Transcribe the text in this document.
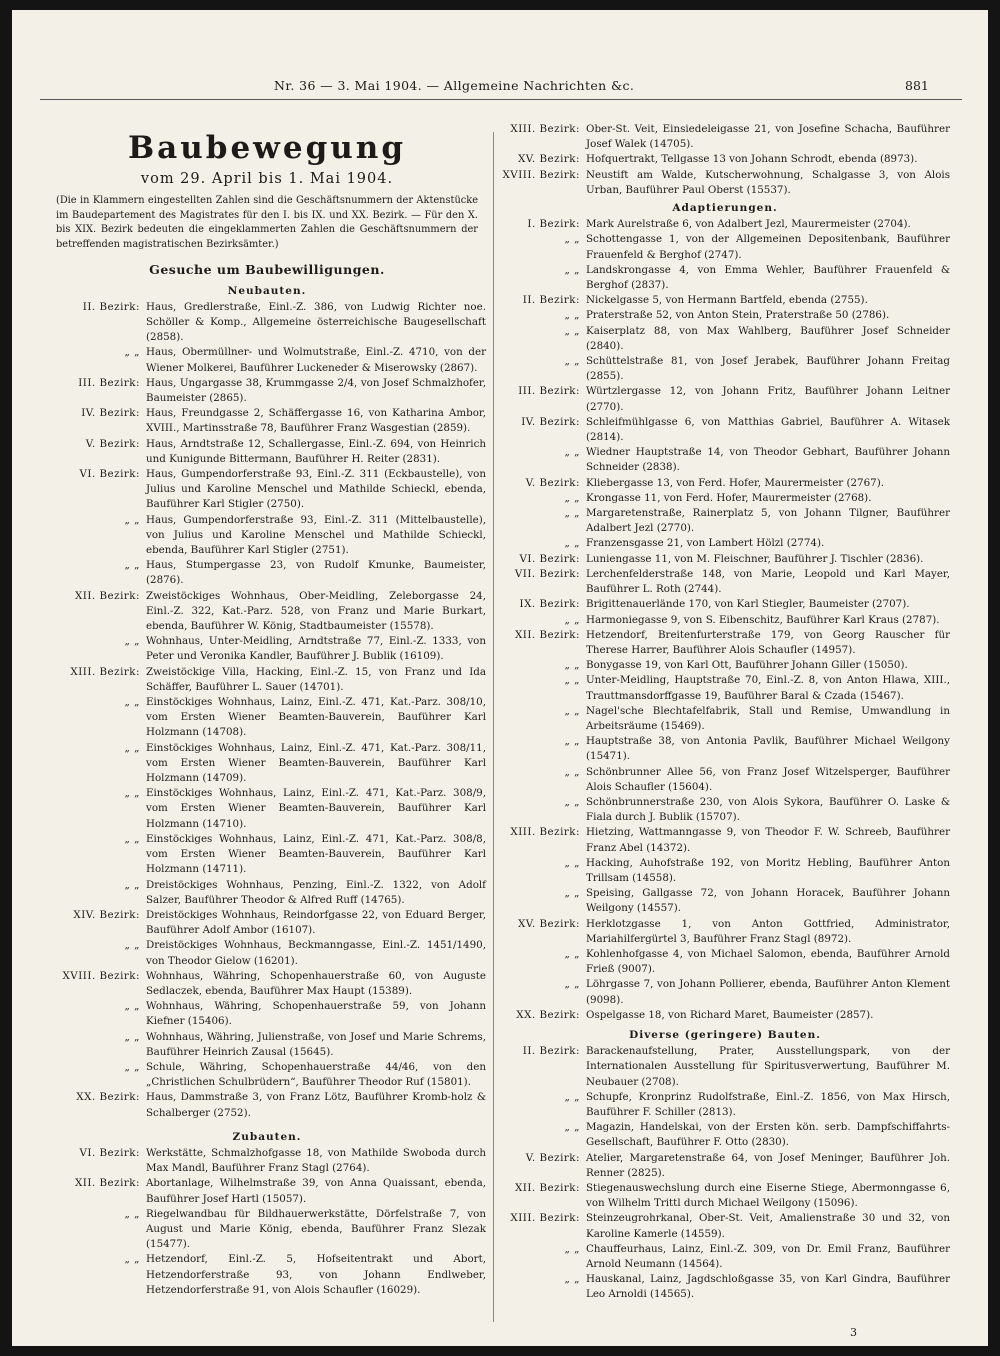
Nr. 36 — 3. Mai 1904. — Allgemeine Nachrichten &c.	881
Baubewegung
vom 29. April bis 1. Mai 1904.
(Die in Klammern eingestellten Zahlen sind die Geschäftsnummern der Aktenstücke im Baudepartement des Magistrates für den I. bis IX. und XX. Bezirk. — Für den X. bis XIX. Bezirk bedeuten die eingeklammerten Zahlen die Geschäftsnummern der betreffenden magistratischen Bezirksämter.)
Gesuche um Baubewilligungen.
Neubauten.
II. Bezirk: Haus, Gredlerstraße, Einl.-Z. 386, von Ludwig Richter noe. Schöller & Komp., Allgemeine österreichische Baugesellschaft (2858).
„ „ Haus, Obermüllner- und Wolmutstraße, Einl.-Z. 4710, von der Wiener Molkerei, Bauführer Luckeneder & Miserowsky (2867).
III. Bezirk: Haus, Ungargasse 38, Krummgasse 2/4, von Josef Schmalzhofer, Baumeister (2865).
IV. Bezirk: Haus, Freundgasse 2, Schäffergasse 16, von Katharina Ambor, XVIII., Martinsstraße 78, Bauführer Franz Wasgestian (2859).
V. Bezirk: Haus, Arndtstraße 12, Schallergasse, Einl.-Z. 694, von Heinrich und Kunigunde Bittermann, Bauführer H. Reiter (2831).
VI. Bezirk: Haus, Gumpendorferstraße 93, Einl.-Z. 311 (Eckbaustelle), von Julius und Karoline Menschel und Mathilde Schieckl, ebenda, Bauführer Karl Stigler (2750).
„ „ Haus, Gumpendorferstraße 93, Einl.-Z. 311 (Mittelbaustelle), von Julius und Karoline Menschel und Mathilde Schieckl, ebenda, Bauführer Karl Stigler (2751).
„ „ Haus, Stumpergasse 23, von Rudolf Kmunke, Baumeister, (2876).
XII. Bezirk: Zweistöckiges Wohnhaus, Ober-Meidling, Zeleborgasse 24, Einl.-Z. 322, Kat.-Parz. 528, von Franz und Marie Burkart, ebenda, Bauführer W. König, Stadtbaumeister (15578).
„ „ Wohnhaus, Unter-Meidling, Arndtstraße 77, Einl.-Z. 1333, von Peter und Veronika Kandler, Bauführer J. Bublik (16109).
XIII. Bezirk: Zweistöckige Villa, Hacking, Einl.-Z. 15, von Franz und Ida Schäffer, Bauführer L. Sauer (14701).
„ „ Einstöckiges Wohnhaus, Lainz, Einl.-Z. 471, Kat.-Parz. 308/10, vom Ersten Wiener Beamten-Bauverein, Bauführer Karl Holzmann (14708).
„ „ Einstöckiges Wohnhaus, Lainz, Einl.-Z. 471, Kat.-Parz. 308/11, vom Ersten Wiener Beamten-Bauverein, Bauführer Karl Holzmann (14709).
„ „ Einstöckiges Wohnhaus, Lainz, Einl.-Z. 471, Kat.-Parz. 308/9, vom Ersten Wiener Beamten-Bauverein, Bauführer Karl Holzmann (14710).
„ „ Einstöckiges Wohnhaus, Lainz, Einl.-Z. 471, Kat.-Parz. 308/8, vom Ersten Wiener Beamten-Bauverein, Bauführer Karl Holzmann (14711).
„ „ Dreistöckiges Wohnhaus, Penzing, Einl.-Z. 1322, von Adolf Salzer, Bauführer Theodor & Alfred Ruff (14765).
XIV. Bezirk: Dreistöckiges Wohnhaus, Reindorfgasse 22, von Eduard Berger, Bauführer Adolf Ambor (16107).
„ „ Dreistöckiges Wohnhaus, Beckmanngasse, Einl.-Z. 1451/1490, von Theodor Gielow (16201).
XVIII. Bezirk: Wohnhaus, Währing, Schopenhauerstraße 60, von Auguste Sedlaczek, ebenda, Bauführer Max Haupt (15389).
„ „ Wohnhaus, Währing, Schopenhauerstraße 59, von Johann Kiefner (15406).
„ „ Wohnhaus, Währing, Julienstraße, von Josef und Marie Schrems, Bauführer Heinrich Zausal (15645).
„ „ Schule, Währing, Schopenhauerstraße 44/46, von den „Christlichen Schulbrüdern“, Bauführer Theodor Ruf (15801).
XX. Bezirk: Haus, Dammstraße 3, von Franz Lötz, Bauführer Kromb-holz & Schalberger (2752).
Zubauten.
VI. Bezirk: Werkstätte, Schmalzhofgasse 18, von Mathilde Swoboda durch Max Mandl, Bauführer Franz Stagl (2764).
XII. Bezirk: Abortanlage, Wilhelmstraße 39, von Anna Quaissant, ebenda, Bauführer Josef Hartl (15057).
„ „ Riegelwandbau für Bildhauerwerkstätte, Dörfelstraße 7, von August und Marie König, ebenda, Bauführer Franz Slezak (15477).
„ „ Hetzendorf, Einl.-Z. 5, Hofseitentrakt und Abort, Hetzendorferstraße 93, von Johann Endlweber, Hetzendorferstraße 91, von Alois Schaufler (16029).
XIII. Bezirk: Ober-St. Veit, Einsiedeleigasse 21, von Josefine Schacha, Bauführer Josef Walek (14705).
XV. Bezirk: Hofquertrakt, Tellgasse 13 von Johann Schrodt, ebenda (8973).
XVIII. Bezirk: Neustift am Walde, Kutscherwohnung, Schalgasse 3, von Alois Urban, Bauführer Paul Oberst (15537).
Adaptierungen.
I. Bezirk: Mark Aurelstraße 6, von Adalbert Jezl, Maurermeister (2704).
„ „ Schottengasse 1, von der Allgemeinen Depositenbank, Bauführer Frauenfeld & Berghof (2747).
„ „ Landskrongasse 4, von Emma Wehler, Bauführer Frauenfeld & Berghof (2837).
II. Bezirk: Nickelgasse 5, von Hermann Bartfeld, ebenda (2755).
„ „ Praterstraße 52, von Anton Stein, Praterstraße 50 (2786).
„ „ Kaiserplatz 88, von Max Wahlberg, Bauführer Josef Schneider (2840).
„ „ Schüttelstraße 81, von Josef Jerabek, Bauführer Johann Freitag (2855).
III. Bezirk: Würtzlergasse 12, von Johann Fritz, Bauführer Johann Leitner (2770).
IV. Bezirk: Schleifmühlgasse 6, von Matthias Gabriel, Bauführer A. Witasek (2814).
„ „ Wiedner Hauptstraße 14, von Theodor Gebhart, Bauführer Johann Schneider (2838).
V. Bezirk: Kliebergasse 13, von Ferd. Hofer, Maurermeister (2767).
„ „ Krongasse 11, von Ferd. Hofer, Maurermeister (2768).
„ „ Margaretenstraße, Rainerplatz 5, von Johann Tilgner, Bauführer Adalbert Jezl (2770).
„ „ Franzensgasse 21, von Lambert Hölzl (2774).
VI. Bezirk: Luniengasse 11, von M. Fleischner, Bauführer J. Tischler (2836).
VII. Bezirk: Lerchenfelderstraße 148, von Marie, Leopold und Karl Mayer, Bauführer L. Roth (2744).
IX. Bezirk: Brigittenauerlände 170, von Karl Stiegler, Baumeister (2707).
„ „ Harmoniegasse 9, von S. Eibenschitz, Bauführer Karl Kraus (2787).
XII. Bezirk: Hetzendorf, Breitenfurterstraße 179, von Georg Rauscher für Therese Harrer, Bauführer Alois Schaufler (14957).
„ „ Bonygasse 19, von Karl Ott, Bauführer Johann Giller (15050).
„ „ Unter-Meidling, Hauptstraße 70, Einl.-Z. 8, von Anton Hlawa, XIII., Trauttmansdorffgasse 19, Bauführer Baral & Czada (15467).
„ „ Nagel'sche Blechtafelfabrik, Stall und Remise, Umwandlung in Arbeitsräume (15469).
„ „ Hauptstraße 38, von Antonia Pavlik, Bauführer Michael Weilgony (15471).
„ „ Schönbrunner Allee 56, von Franz Josef Witzelsperger, Bauführer Alois Schaufler (15604).
„ „ Schönbrunnerstraße 230, von Alois Sykora, Bauführer O. Laske & Fiala durch J. Bublik (15707).
XIII. Bezirk: Hietzing, Wattmanngasse 9, von Theodor F. W. Schreeb, Bauführer Franz Abel (14372).
„ „ Hacking, Auhofstraße 192, von Moritz Hebling, Bauführer Anton Trillsam (14558).
„ „ Speising, Gallgasse 72, von Johann Horacek, Bauführer Johann Weilgony (14557).
XV. Bezirk: Herklotzgasse 1, von Anton Gottfried, Administrator, Mariahilfergürtel 3, Bauführer Franz Stagl (8972).
„ „ Kohlenhofgasse 4, von Michael Salomon, ebenda, Bauführer Arnold Frieß (9007).
„ „ Löhrgasse 7, von Johann Pollierer, ebenda, Bauführer Anton Klement (9098).
XX. Bezirk: Ospelgasse 18, von Richard Maret, Baumeister (2857).
Diverse (geringere) Bauten.
II. Bezirk: Barackenaufstellung, Prater, Ausstellungspark, von der Internationalen Ausstellung für Spiritusverwertung, Bauführer M. Neubauer (2708).
„ „ Schupfe, Kronprinz Rudolfstraße, Einl.-Z. 1856, von Max Hirsch, Bauführer F. Schiller (2813).
„ „ Magazin, Handelskai, von der Ersten kön. serb. Dampfschiffahrts-Gesellschaft, Bauführer F. Otto (2830).
V. Bezirk: Atelier, Margaretenstraße 64, von Josef Meninger, Bauführer Joh. Renner (2825).
XII. Bezirk: Stiegenauswechslung durch eine Eiserne Stiege, Abermonngasse 6, von Wilhelm Trittl durch Michael Weilgony (15096).
XIII. Bezirk: Steinzeugrohrkanal, Ober-St. Veit, Amalienstraße 30 und 32, von Karoline Kamerle (14559).
„ „ Chauffeurhaus, Lainz, Einl.-Z. 309, von Dr. Emil Franz, Bauführer Arnold Neumann (14564).
„ „ Hauskanal, Lainz, Jagdschloßgasse 35, von Karl Gindra, Bauführer Leo Arnoldi (14565).
3
